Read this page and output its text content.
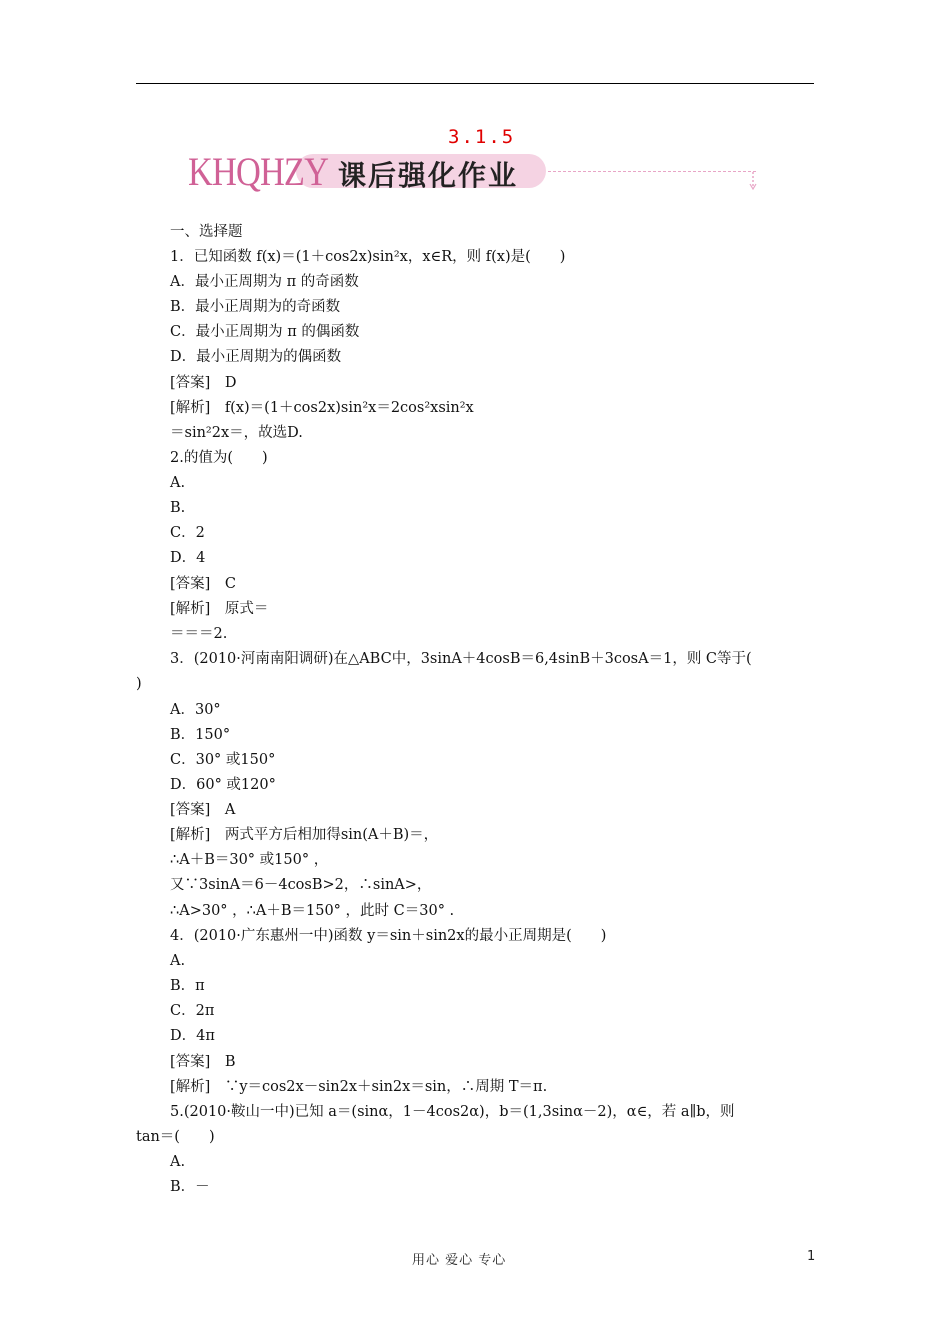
3.1.5
KHQHZY 课后强化作业
一、选择题
1．已知函数 f(x)＝(1＋cos2x)sin²x，x∈R，则 f(x)是(　　)
A．最小正周期为 π 的奇函数
B．最小正周期为的奇函数
C．最小正周期为 π 的偶函数
D．最小正周期为的偶函数
[答案]　D
[解析]　f(x)＝(1＋cos2x)sin²x＝2cos²xsin²x
＝sin²2x＝，故选D.
2.的值为(　　)
A.
B.
C．2
D．4
[答案]　C
[解析]　原式＝
＝＝＝2.
3．(2010·河南南阳调研)在△ABC中，3sinA＋4cosB＝6,4sinB＋3cosA＝1，则 C等于(
)
A．30°
B．150°
C．30° 或150°
D．60° 或120°
[答案]　A
[解析]　两式平方后相加得sin(A＋B)＝，
∴A＋B＝30° 或150° ，
又∵3sinA＝6－4cosB>2，∴sinA>，
∴A>30° ，∴A＋B＝150° ，此时 C＝30° .
4．(2010·广东惠州一中)函数 y＝sin＋sin2x的最小正周期是(　　)
A.
B．π
C．2π
D．4π
[答案]　B
[解析]　∵y＝cos2x－sin2x＋sin2x＝sin，∴周期 T＝π.
5.(2010·鞍山一中)已知 a＝(sinα，1－4cos2α)，b＝(1,3sinα－2)，α∈，若 a∥b，则
tan＝(　　)
A.
B．－
用心 爱心 专心	1
